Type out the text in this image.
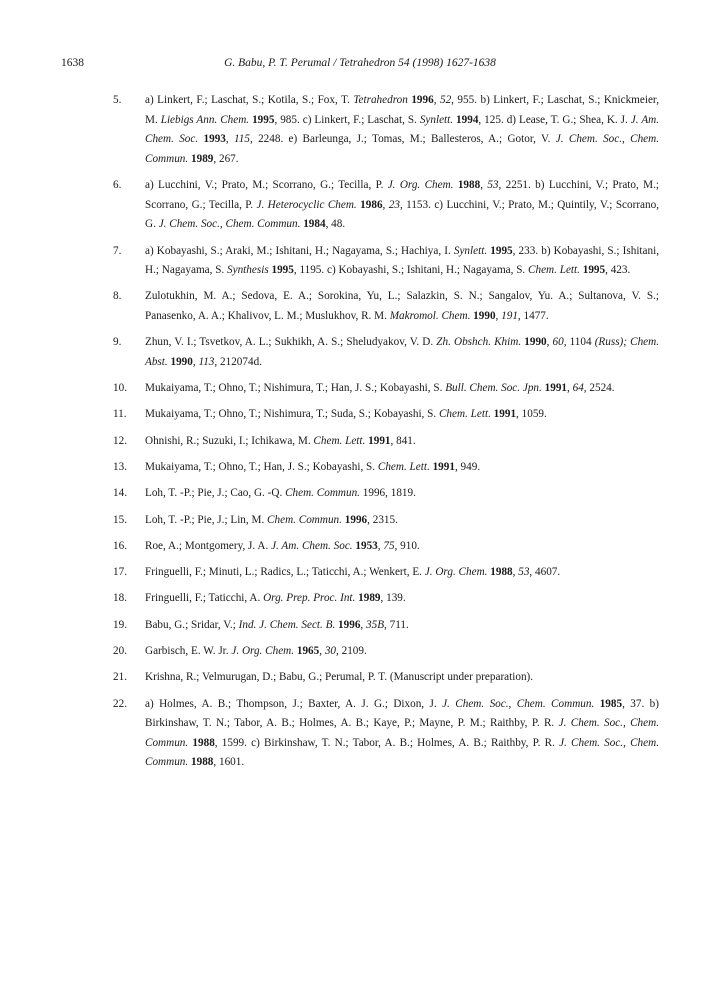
1638	G. Babu, P. T. Perumal / Tetrahedron 54 (1998) 1627-1638
5. a) Linkert, F.; Laschat, S.; Kotila, S.; Fox, T. Tetrahedron 1996, 52, 955. b) Linkert, F.; Laschat, S.; Knickmeier, M. Liebigs Ann. Chem. 1995, 985. c) Linkert, F.; Laschat, S. Synlett. 1994, 125. d) Lease, T. G.; Shea, K. J. J. Am. Chem. Soc. 1993, 115, 2248. e) Barleunga, J.; Tomas, M.; Ballesteros, A.; Gotor, V. J. Chem. Soc., Chem. Commun. 1989, 267.
6. a) Lucchini, V.; Prato, M.; Scorrano, G.; Tecilla, P. J. Org. Chem. 1988, 53, 2251. b) Lucchini, V.; Prato, M.; Scorrano, G.; Tecilla, P. J. Heterocyclic Chem. 1986, 23, 1153. c) Lucchini, V.; Prato, M.; Quintily, V.; Scorrano, G. J. Chem. Soc., Chem. Commun. 1984, 48.
7. a) Kobayashi, S.; Araki, M.; Ishitani, H.; Nagayama, S.; Hachiya, I. Synlett. 1995, 233. b) Kobayashi, S.; Ishitani, H.; Nagayama, S. Synthesis 1995, 1195. c) Kobayashi, S.; Ishitani, H.; Nagayama, S. Chem. Lett. 1995, 423.
8. Zulotukhin, M. A.; Sedova, E. A.; Sorokina, Yu, L.; Salazkin, S. N.; Sangalov, Yu. A.; Sultanova, V. S.; Panasenko, A. A.; Khalivov, L. M.; Muslukhov, R. M. Makromol. Chem. 1990, 191, 1477.
9. Zhun, V. I.; Tsvetkov, A. L.; Sukhikh, A. S.; Sheludyakov, V. D. Zh. Obshch. Khim. 1990, 60, 1104 (Russ); Chem. Abst. 1990, 113, 212074d.
10. Mukaiyama, T.; Ohno, T.; Nishimura, T.; Han, J. S.; Kobayashi, S. Bull. Chem. Soc. Jpn. 1991, 64, 2524.
11. Mukaiyama, T.; Ohno, T.; Nishimura, T.; Suda, S.; Kobayashi, S. Chem. Lett. 1991, 1059.
12. Ohnishi, R.; Suzuki, I.; Ichikawa, M. Chem. Lett. 1991, 841.
13. Mukaiyama, T.; Ohno, T.; Han, J. S.; Kobayashi, S. Chem. Lett. 1991, 949.
14. Loh, T. -P.; Pie, J.; Cao, G. -Q. Chem. Commun. 1996, 1819.
15. Loh, T. -P.; Pie, J.; Lin, M. Chem. Commun. 1996, 2315.
16. Roe, A.; Montgomery, J. A. J. Am. Chem. Soc. 1953, 75, 910.
17. Fringuelli, F.; Minuti, L.; Radics, L.; Taticchi, A.; Wenkert, E. J. Org. Chem. 1988, 53, 4607.
18. Fringuelli, F.; Taticchi, A. Org. Prep. Proc. Int. 1989, 139.
19. Babu, G.; Sridar, V.; Ind. J. Chem. Sect. B. 1996, 35B, 711.
20. Garbisch, E. W. Jr. J. Org. Chem. 1965, 30, 2109.
21. Krishna, R.; Velmurugan, D.; Babu, G.; Perumal, P. T. (Manuscript under preparation).
22. a) Holmes, A. B.; Thompson, J.; Baxter, A. J. G.; Dixon, J. J. Chem. Soc., Chem. Commun. 1985, 37. b) Birkinshaw, T. N.; Tabor, A. B.; Holmes, A. B.; Kaye, P.; Mayne, P. M.; Raithby, P. R. J. Chem. Soc., Chem. Commun. 1988, 1599. c) Birkinshaw, T. N.; Tabor, A. B.; Holmes, A. B.; Raithby, P. R. J. Chem. Soc., Chem. Commun. 1988, 1601.
